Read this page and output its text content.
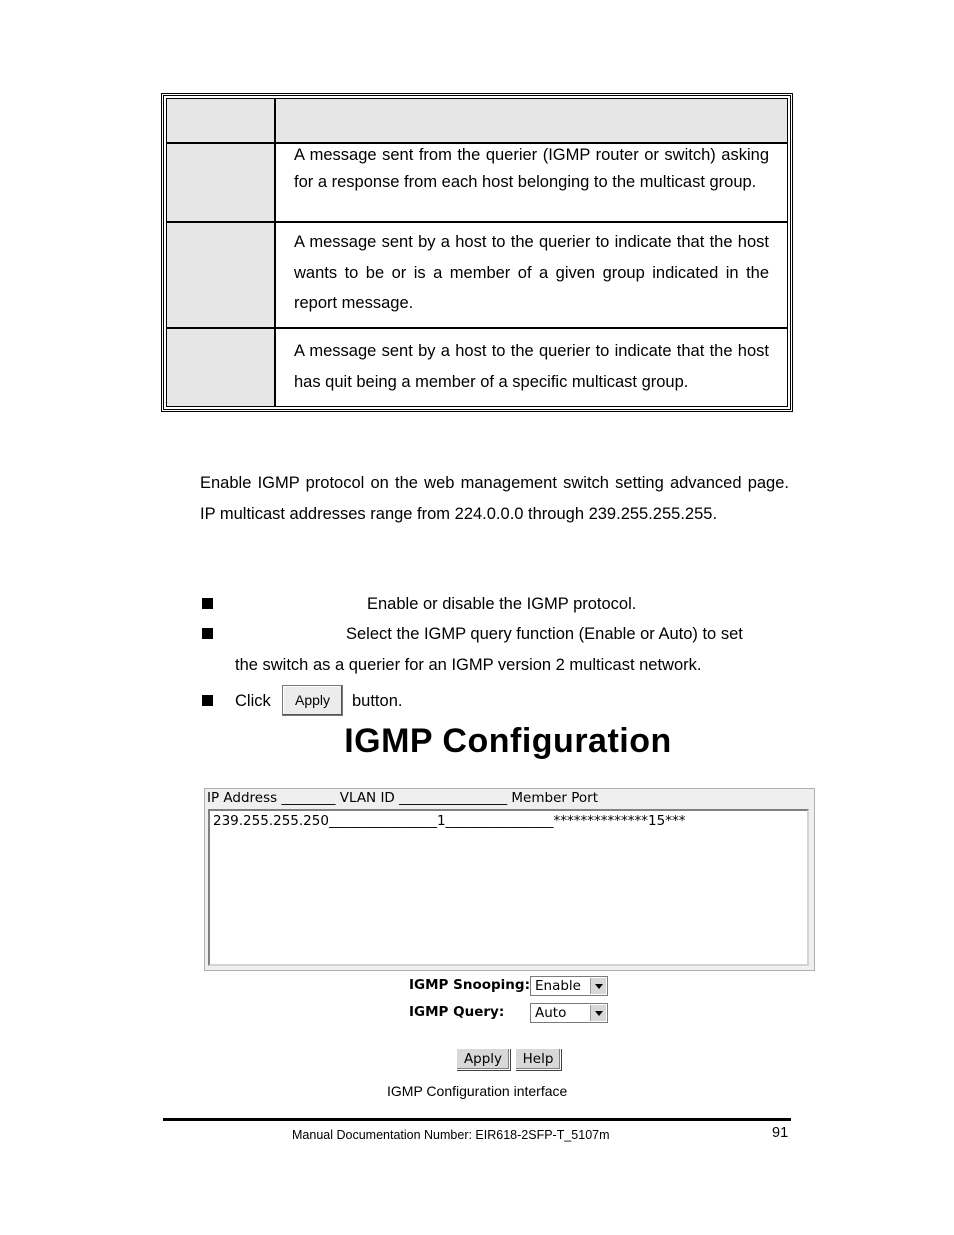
A message sent from the querier (IGMP router or switch) asking for a response from each host belonging to the multicast group.
A message sent by a host to the querier to indicate that the host wants to be or is a member of a given group indicated in the report message.
A message sent by a host to the querier to indicate that the host has quit being a member of a specific multicast group.
Enable IGMP protocol on the web management switch setting advanced page. IP multicast addresses range from 224.0.0.0 through 239.255.255.255.
Enable or disable the IGMP protocol.
Select the IGMP query function (Enable or Auto) to set
the switch as a querier for an IGMP version 2 multicast network.
Click	Apply	button.
IGMP Configuration
IP Address ________ VLAN ID ________________ Member Port
239.255.255.250________________1________________**************15***
IGMP Snooping: Enable
IGMP Query: Auto
Apply	Help
IGMP Configuration interface
Manual Documentation Number: EIR618-2SFP-T_5107m	91
